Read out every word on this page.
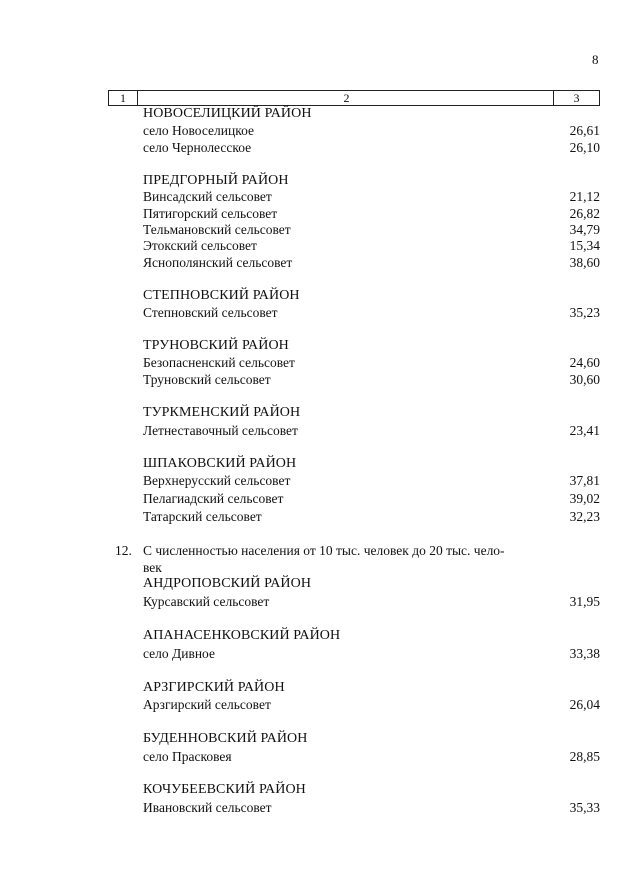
8
1	2	3
НОВОСЕЛИЦКИЙ РАЙОН
село Новоселицкое	26,61
село Чернолесское	26,10
ПРЕДГОРНЫЙ РАЙОН
Винсадский сельсовет	21,12
Пятигорский сельсовет	26,82
Тельмановский сельсовет	34,79
Этокский сельсовет	15,34
Яснополянский сельсовет	38,60
СТЕПНОВСКИЙ РАЙОН
Степновский сельсовет	35,23
ТРУНОВСКИЙ РАЙОН
Безопасненский сельсовет	24,60
Труновский сельсовет	30,60
ТУРКМЕНСКИЙ РАЙОН
Летнеставочный сельсовет	23,41
ШПАКОВСКИЙ РАЙОН
Верхнерусский сельсовет	37,81
Пелагиадский сельсовет	39,02
Татарский сельсовет	32,23
12. С численностью населения от 10 тыс. человек до 20 тыс. чело-
век
АНДРОПОВСКИЙ РАЙОН
Курсавский сельсовет	31,95
АПАНАСЕНКОВСКИЙ РАЙОН
село Дивное	33,38
АРЗГИРСКИЙ РАЙОН
Арзгирский сельсовет	26,04
БУДЕННОВСКИЙ РАЙОН
село Прасковея	28,85
КОЧУБЕЕВСКИЙ РАЙОН
Ивановский сельсовет	35,33
